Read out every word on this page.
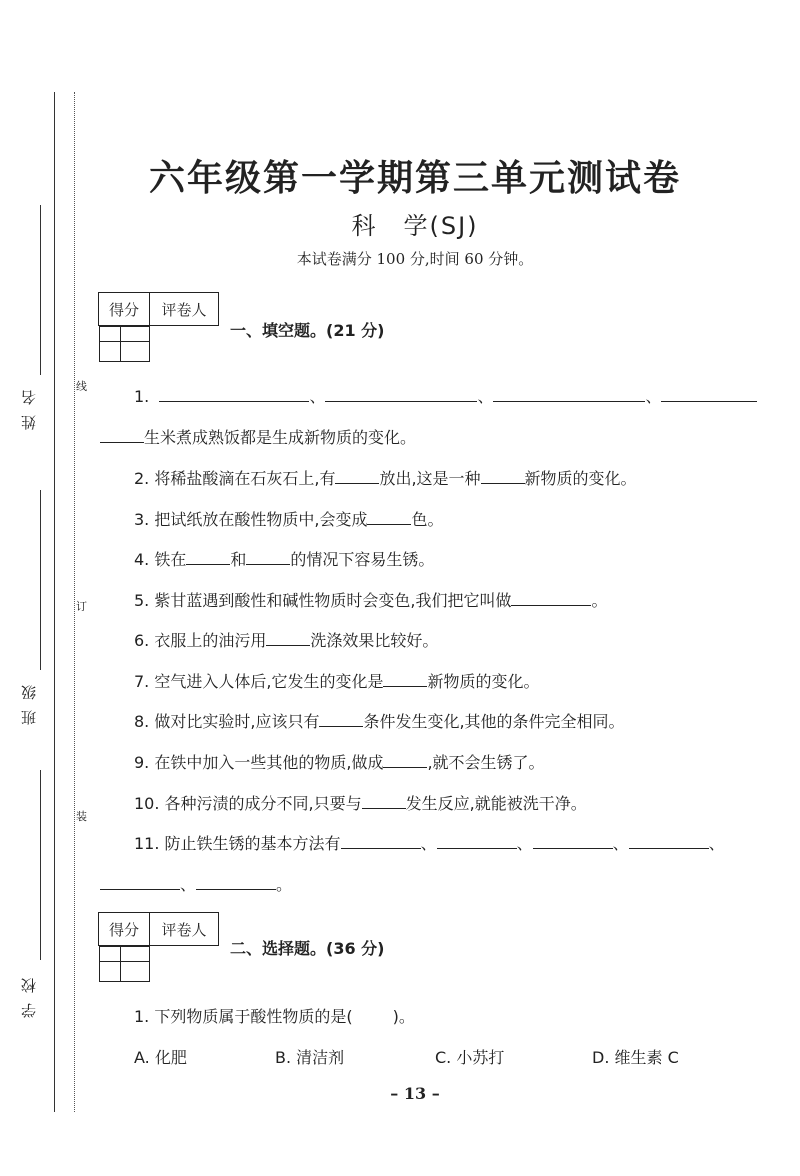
姓名
班级
学校
线
订
装
六年级第一学期第三单元测试卷
科　学(SJ)
本试卷满分 100 分,时间 60 分钟。
得分	评卷人

一、填空题。(21 分)
1.	、	、	、
生米煮成熟饭都是生成新物质的变化。
2. 将稀盐酸滴在石灰石上,有	放出,这是一种	新物质的变化。
3. 把试纸放在酸性物质中,会变成	色。
4. 铁在	和	的情况下容易生锈。
5. 紫甘蓝遇到酸性和碱性物质时会变色,我们把它叫做	。
6. 衣服上的油污用	洗涤效果比较好。
7. 空气进入人体后,它发生的变化是	新物质的变化。
8. 做对比实验时,应该只有	条件发生变化,其他的条件完全相同。
9. 在铁中加入一些其他的物质,做成	,就不会生锈了。
10. 各种污渍的成分不同,只要与	发生反应,就能被洗干净。
11. 防止铁生锈的基本方法有	、	、	、	、
、	。
得分	评卷人

二、选择题。(36 分)
1. 下列物质属于酸性物质的是(	)。
A. 化肥	B. 清洁剂	C. 小苏打	D. 维生素 C
– 13 –
